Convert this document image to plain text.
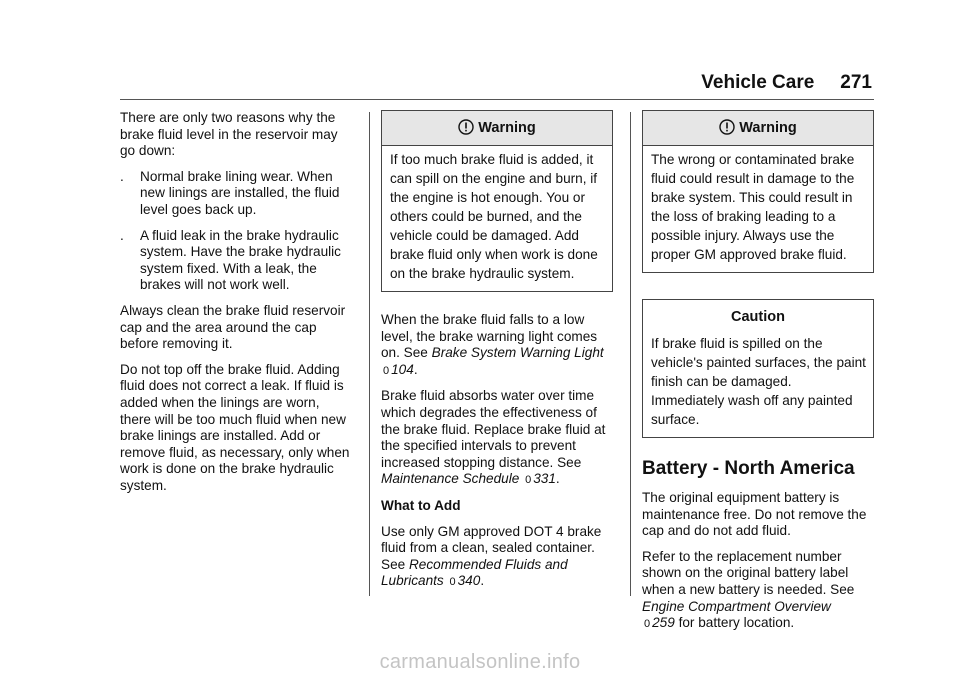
Vehicle Care 271

There are only two reasons why the brake fluid level in the reservoir may go down:

. Normal brake lining wear. When new linings are installed, the fluid level goes back up.
. A fluid leak in the brake hydraulic system. Have the brake hydraulic system fixed. With a leak, the brakes will not work well.

Always clean the brake fluid reservoir cap and the area around the cap before removing it.

Do not top off the brake fluid. Adding fluid does not correct a leak. If fluid is added when the linings are worn, there will be too much fluid when new brake linings are installed. Add or remove fluid, as necessary, only when work is done on the brake hydraulic system.

Warning
If too much brake fluid is added, it can spill on the engine and burn, if the engine is hot enough. You or others could be burned, and the vehicle could be damaged. Add brake fluid only when work is done on the brake hydraulic system.

When the brake fluid falls to a low level, the brake warning light comes on. See Brake System Warning Light 0 104.

Brake fluid absorbs water over time which degrades the effectiveness of the brake fluid. Replace brake fluid at the specified intervals to prevent increased stopping distance. See Maintenance Schedule 0 331.

What to Add

Use only GM approved DOT 4 brake fluid from a clean, sealed container. See Recommended Fluids and Lubricants 0 340.

Warning
The wrong or contaminated brake fluid could result in damage to the brake system. This could result in the loss of braking leading to a possible injury. Always use the proper GM approved brake fluid.
Caution
If brake fluid is spilled on the vehicle's painted surfaces, the paint finish can be damaged. Immediately wash off any painted surface.
Battery - North America

The original equipment battery is maintenance free. Do not remove the cap and do not add fluid.

Refer to the replacement number shown on the original battery label when a new battery is needed. See Engine Compartment Overview
0 259 for battery location.

carmanualsonline.info
